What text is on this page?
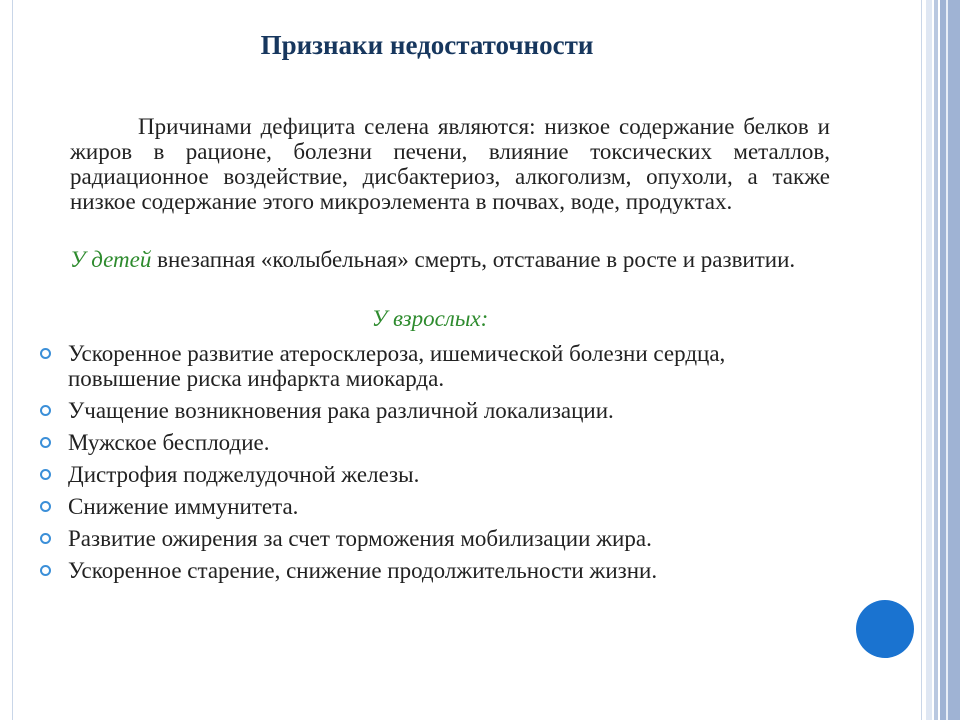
Признаки недостаточности
Причинами дефицита селена являются: низкое содержание белков и жиров в рационе, болезни печени, влияние токсических металлов, радиационное воздействие, дисбактериоз, алкоголизм, опухоли, а также низкое содержание этого микроэлемента в почвах, воде, продуктах.
У детей внезапная «колыбельная» смерть, отставание в росте и развитии.
У взрослых:
Ускоренное развитие атеросклероза, ишемической болезни сердца, повышение риска инфаркта миокарда.
Учащение возникновения рака различной локализации.
Мужское бесплодие.
Дистрофия поджелудочной железы.
Снижение иммунитета.
Развитие ожирения за счет торможения мобилизации жира.
Ускоренное старение, снижение продолжительности жизни.
